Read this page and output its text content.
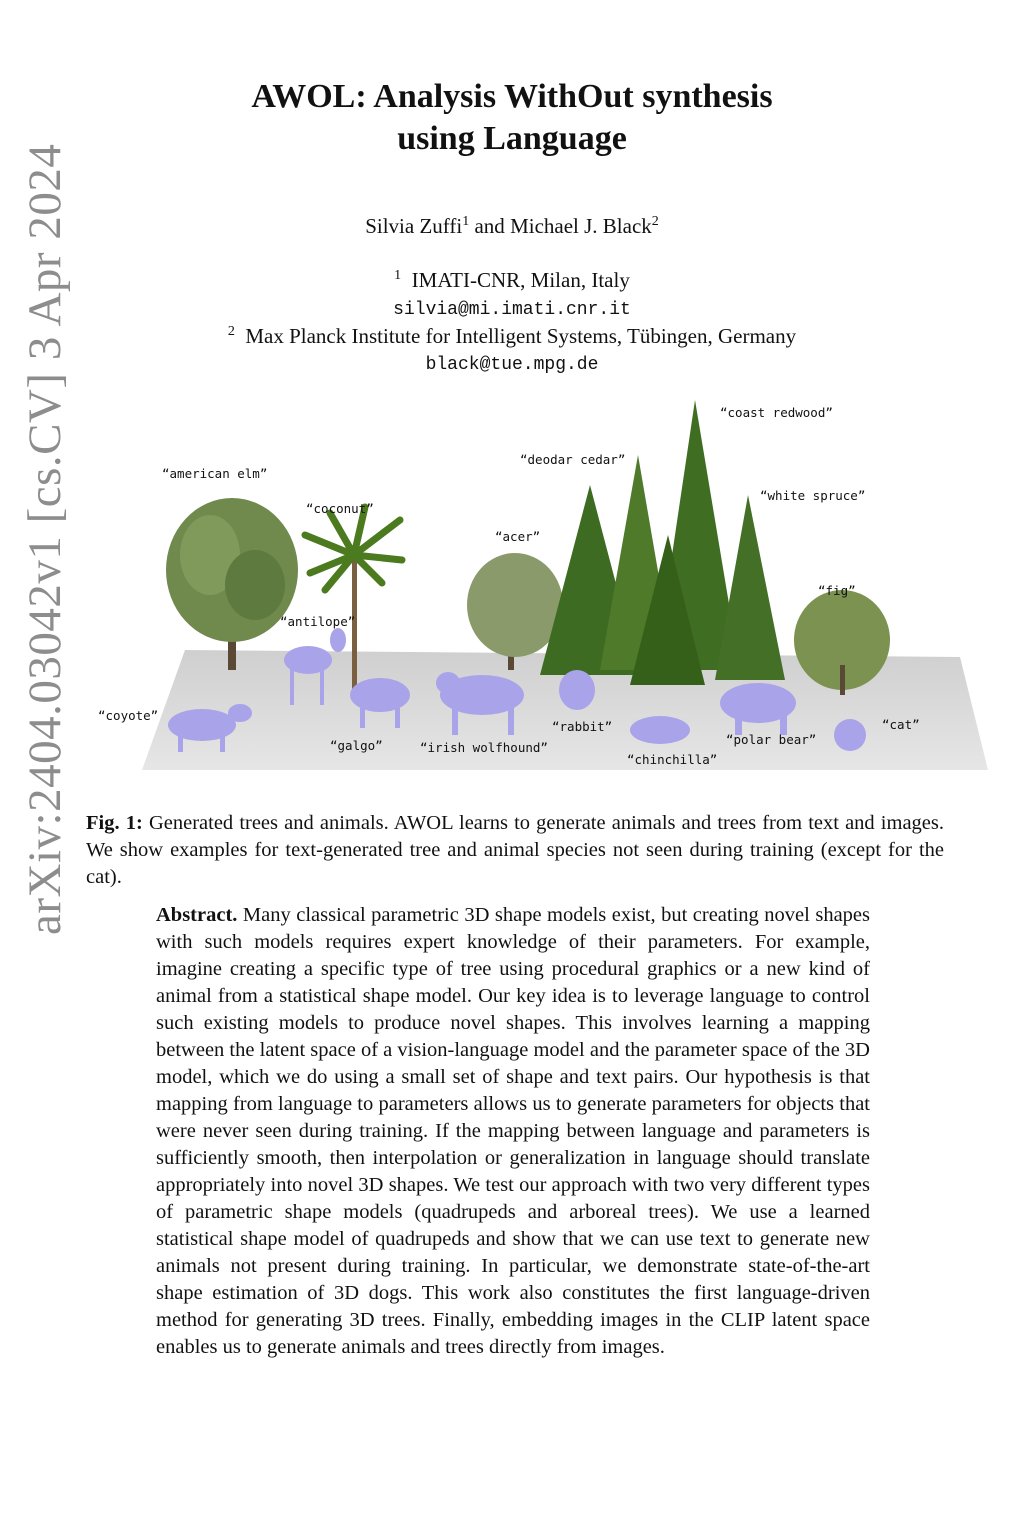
arXiv:2404.03042v1 [cs.CV] 3 Apr 2024
AWOL: Analysis WithOut synthesis
using Language
Silvia Zuffi$^1$ and Michael J. Black$^2$
$^1$ IMATI-CNR, Milan, Italy
silvia@mi.imati.cnr.it
$^2$ Max Planck Institute for Intelligent Systems, Tübingen, Germany
black@tue.mpg.de
“american elm”
“coconut”
“acer”
“deodar cedar”
“coast redwood”
“white spruce”
“fig”
“antilope”
“coyote”
“galgo”	“irish wolfhound”
“rabbit”
“chinchilla”
“polar bear”
“cat”
Fig. 1: Generated trees and animals. AWOL learns to generate animals and trees from text and images. We show examples for text-generated tree and animal species not seen during training (except for the cat).
Abstract. Many classical parametric 3D shape models exist, but creating novel shapes with such models requires expert knowledge of their parameters. For example, imagine creating a specific type of tree using procedural graphics or a new kind of animal from a statistical shape model. Our key idea is to leverage language to control such existing models to produce novel shapes. This involves learning a mapping between the latent space of a vision-language model and the parameter space of the 3D model, which we do using a small set of shape and text pairs. Our hypothesis is that mapping from language to parameters allows us to generate parameters for objects that were never seen during training. If the mapping between language and parameters is sufficiently smooth, then interpolation or generalization in language should translate appropriately into novel 3D shapes. We test our approach with two very different types of parametric shape models (quadrupeds and arboreal trees). We use a learned statistical shape model of quadrupeds and show that we can use text to generate new animals not present during training. In particular, we demonstrate state-of-the-art shape estimation of 3D dogs. This work also constitutes the first language-driven method for generating 3D trees. Finally, embedding images in the CLIP latent space enables us to generate animals and trees directly from images.
